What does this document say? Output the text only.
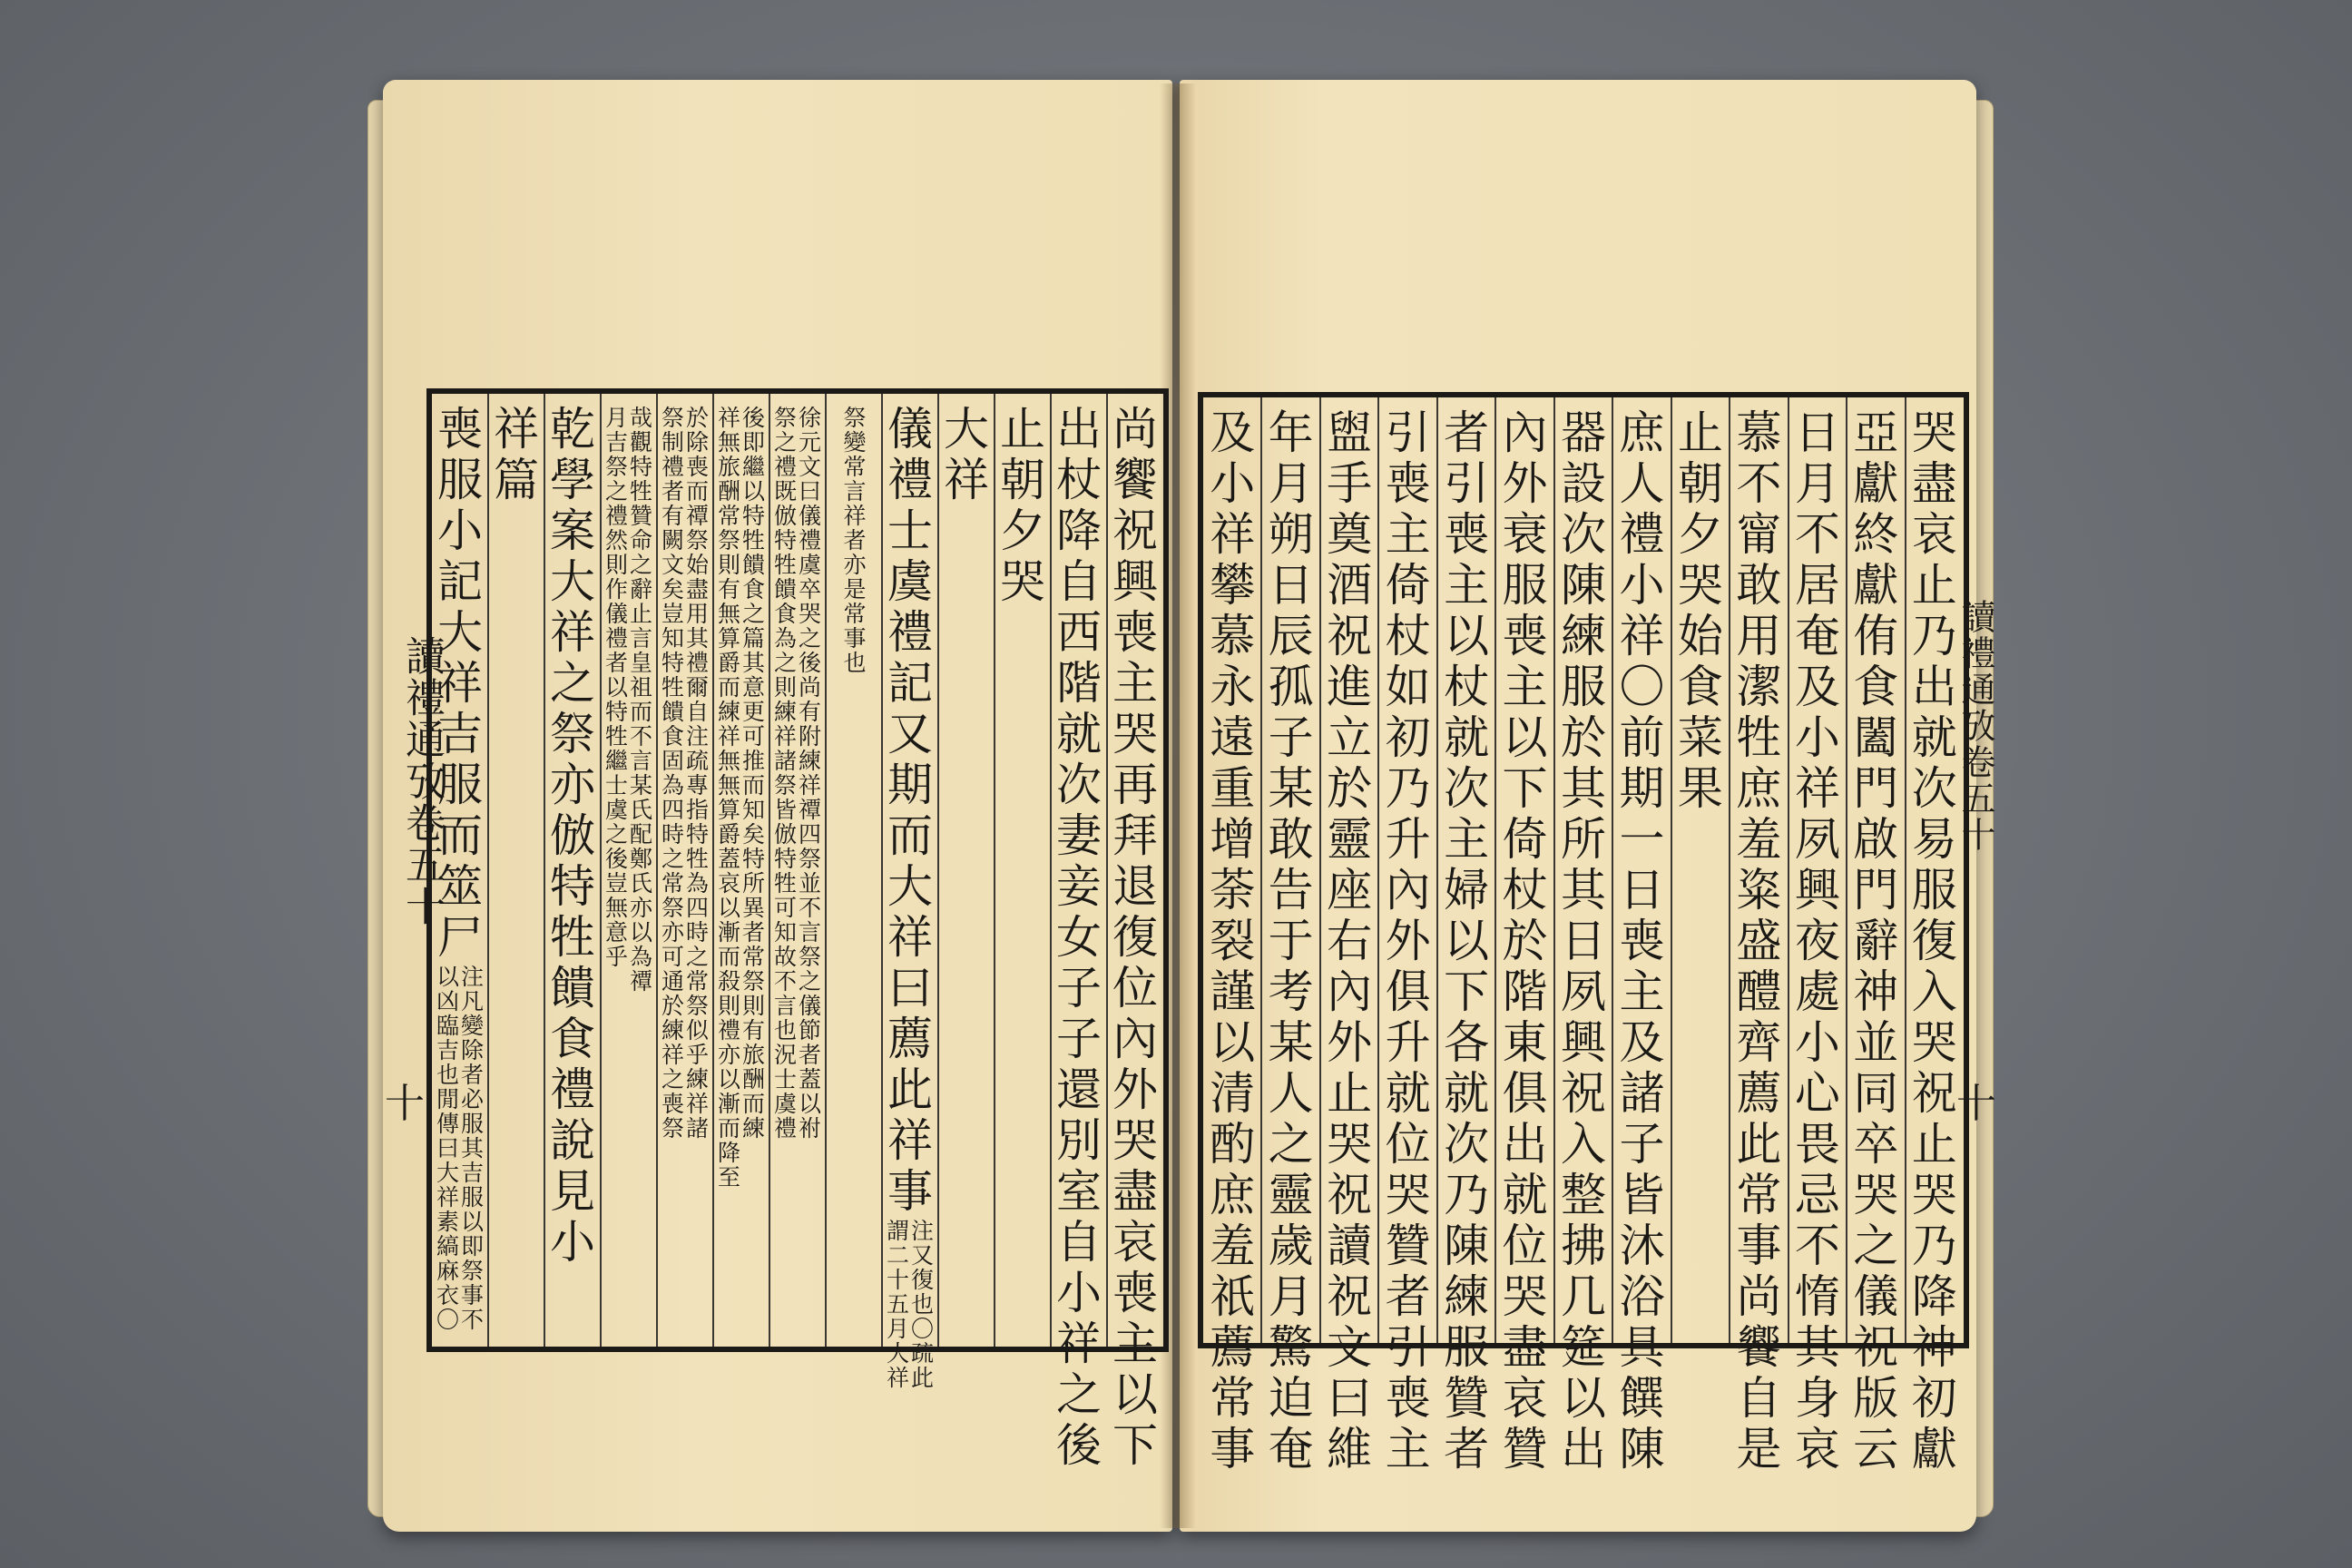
尚
饗
祝
興
喪
主
哭
再
拜
退
復
位
內
外
哭
盡
哀
喪
主
以
下
出
杖
降
自
西
階
就
次
妻
妾
女
子
子
還
別
室
自
小
祥
之
後
止
朝
夕
哭
大
祥
儀
禮
士
虞
禮
記
又
期
而
大
祥
曰
薦
此
祥
事
謂
二
十
五
月
大
祥
注
又
復
也
〇
疏
此
祭
變
常
言
祥
者
亦
是
常
事
也
祭
之
禮
既
倣
特
牲
饋
食
為
之
則
練
祥
諸
祭
皆
倣
特
牲
可
知
故
不
言
也
況
士
虞
禮
徐
元
文
曰
儀
禮
虞
卒
哭
之
後
尚
有
附
練
祥
禫
四
祭
並
不
言
祭
之
儀
節
者
蓋
以
祔
祥
無
旅
酬
常
祭
則
有
無
算
爵
而
練
祥
無
無
算
爵
蓋
哀
以
漸
而
殺
則
禮
亦
以
漸
而
降
至
後
即
繼
以
特
牲
饋
食
之
篇
其
意
更
可
推
而
知
矣
特
所
異
者
常
祭
則
有
旅
酬
而
練
祭
制
禮
者
有
闕
文
矣
豈
知
特
牲
饋
食
固
為
四
時
之
常
祭
亦
可
通
於
練
祥
之
喪
祭
於
除
喪
而
禫
祭
始
盡
用
其
禮
爾
自
注
疏
專
指
特
牲
為
四
時
之
常
祭
似
乎
練
祥
諸
月
吉
祭
之
禮
然
則
作
儀
禮
者
以
特
牲
繼
士
虞
之
後
豈
無
意
乎
哉
觀
特
牲
贊
命
之
辭
止
言
皇
祖
而
不
言
某
氏
配
鄭
氏
亦
以
為
禫
乾
學
案
大
祥
之
祭
亦
倣
特
牲
饋
食
禮
說
見
小
祥
篇
喪
服
小
記
大
祥
吉
服
而
筮
尸
以
凶
臨
吉
也
閒
傳
曰
大
祥
素
縞
麻
衣
〇
注
凡
變
除
者
必
服
其
吉
服
以
即
祭
事
不
讀禮通攷卷五十
十
哭
盡
哀
止
乃
出
就
次
易
服
復
入
哭
祝
止
哭
乃
降
神
初
獻
亞
獻
終
獻
侑
食
闔
門
啟
門
辭
神
並
同
卒
哭
之
儀
祝
版
云
日
月
不
居
奄
及
小
祥
夙
興
夜
處
小
心
畏
忌
不
惰
其
身
哀
慕
不
甯
敢
用
潔
牲
庶
羞
粢
盛
醴
齊
薦
此
常
事
尚
饗
自
是
止
朝
夕
哭
始
食
菜
果
庶
人
禮
小
祥
〇
前
期
一
日
喪
主
及
諸
子
皆
沐
浴
具
饌
陳
器
設
次
陳
練
服
於
其
所
其
日
夙
興
祝
入
整
拂
几
筵
以
出
內
外
衰
服
喪
主
以
下
倚
杖
於
階
東
俱
出
就
位
哭
盡
哀
贊
者
引
喪
主
以
杖
就
次
主
婦
以
下
各
就
次
乃
陳
練
服
贊
者
引
喪
主
倚
杖
如
初
乃
升
內
外
俱
升
就
位
哭
贊
者
引
喪
主
盥
手
奠
酒
祝
進
立
於
靈
座
右
內
外
止
哭
祝
讀
祝
文
曰
維
年
月
朔
日
辰
孤
子
某
敢
告
于
考
某
人
之
靈
歲
月
驚
迫
奄
及
小
祥
攀
慕
永
遠
重
增
荼
裂
謹
以
清
酌
庶
羞
祇
薦
常
事
讀禮通攷卷五十
十
